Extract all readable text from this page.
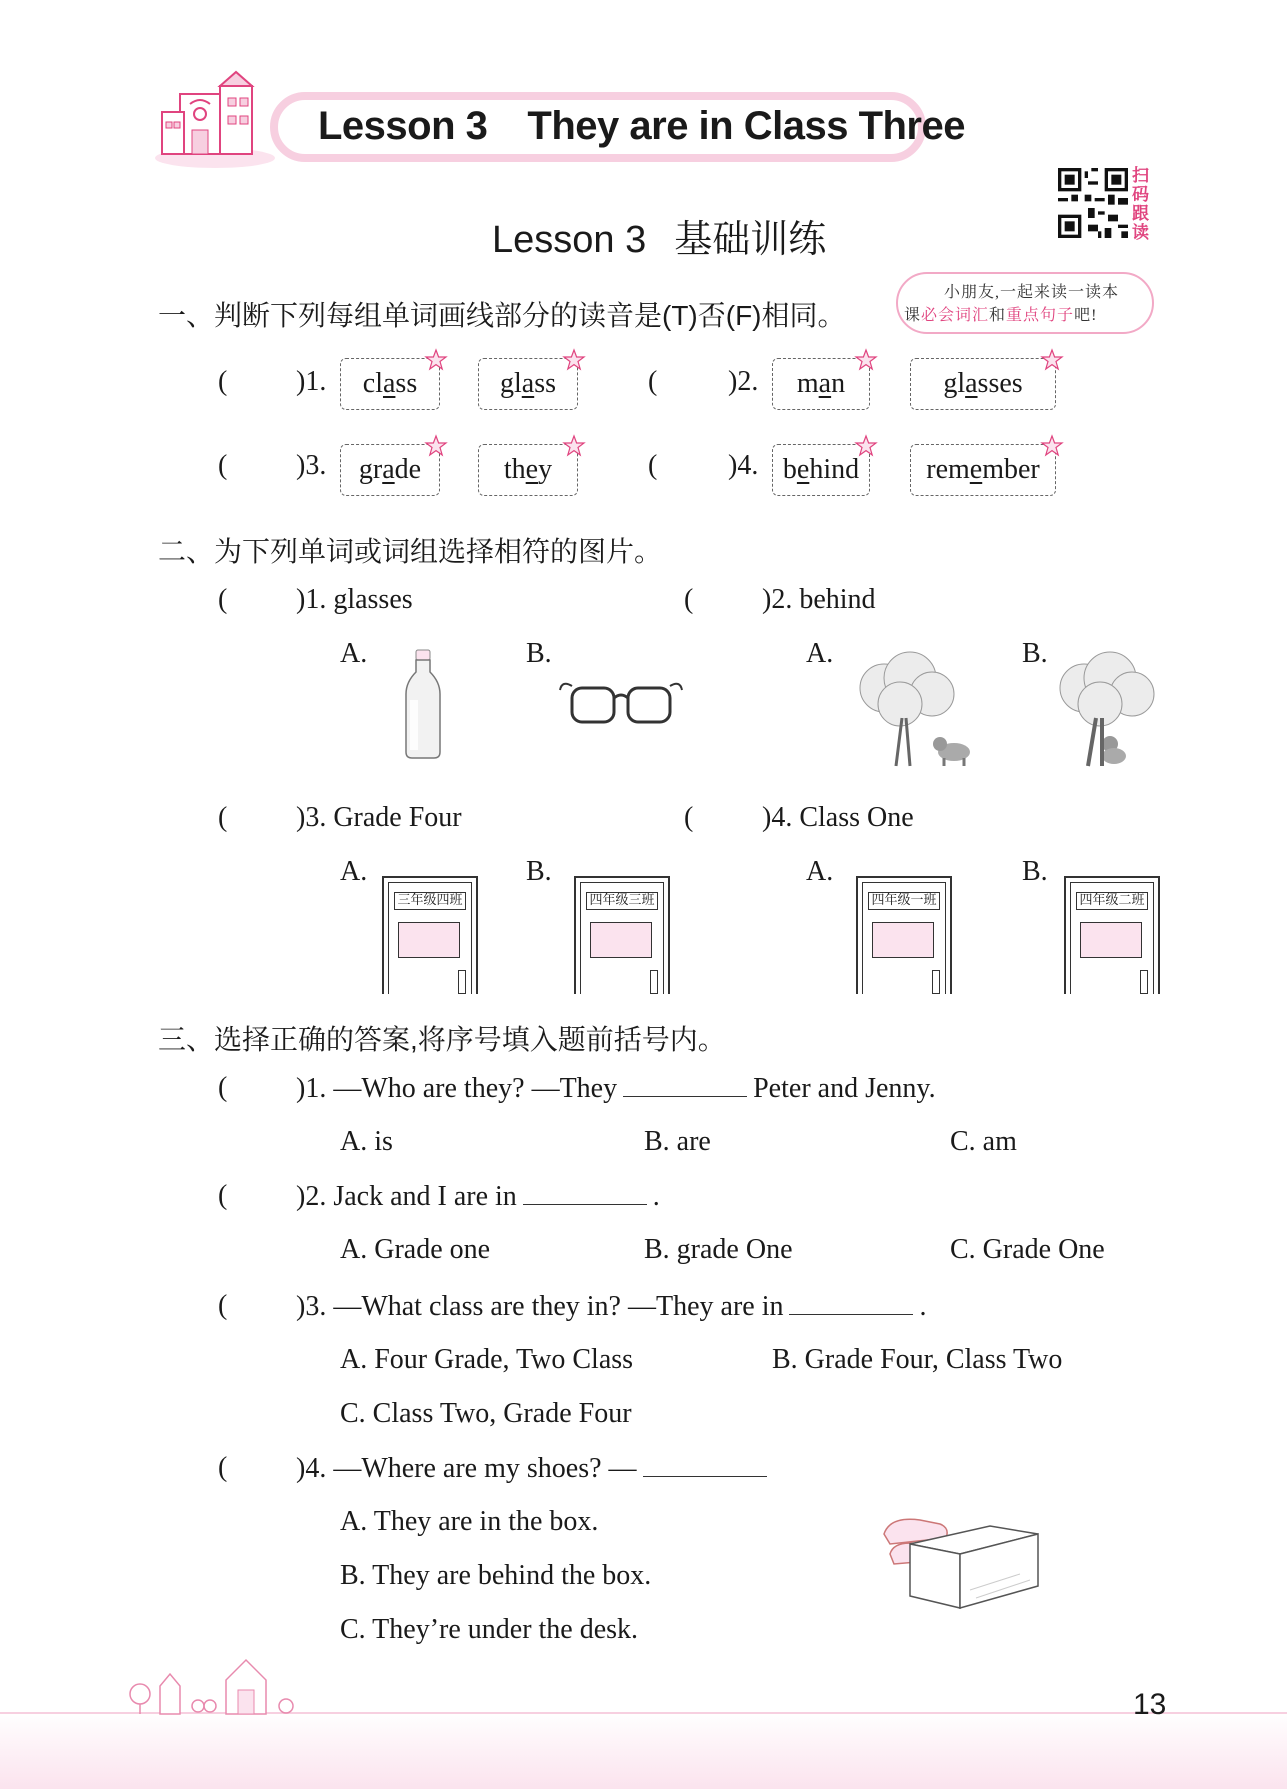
Lesson 3 They are in Class Three
扫码跟读
Lesson 3 基础训练
小朋友,一起来读一读本
课必会词汇和重点句子吧!
一、判断下列每组单词画线部分的读音是(T)否(F)相同。
( )1. cl a ss	gl a ss	(	)2. m a n	gl a sses
( )3. gr a de	th e y	(	)4. b e hind rem e mber
二、为下列单词或词组选择相符的图片。
( )1. glasses	( )2. behind
A.	B.	A.	B.
( )3. Grade Four	( )4. Class One
A.	B.	A.	B.
三年级四班	四年级三班	四年级一班	四年级二班
三、选择正确的答案,将序号填入题前括号内。
( )1. —Who are they? —They	Peter and Jenny.
A. is	B. are	C. am
( )2. Jack and I are in	.
A. Grade one	B. grade One	C. Grade One
( )3. —What class are they in? —They are in	.
A. Four Grade, Two Class	B. Grade Four, Class Two
C. Class Two, Grade Four
( )4. —Where are my shoes? —
A. They are in the box.
B. They are behind the box.
C. They’re under the desk.
13
